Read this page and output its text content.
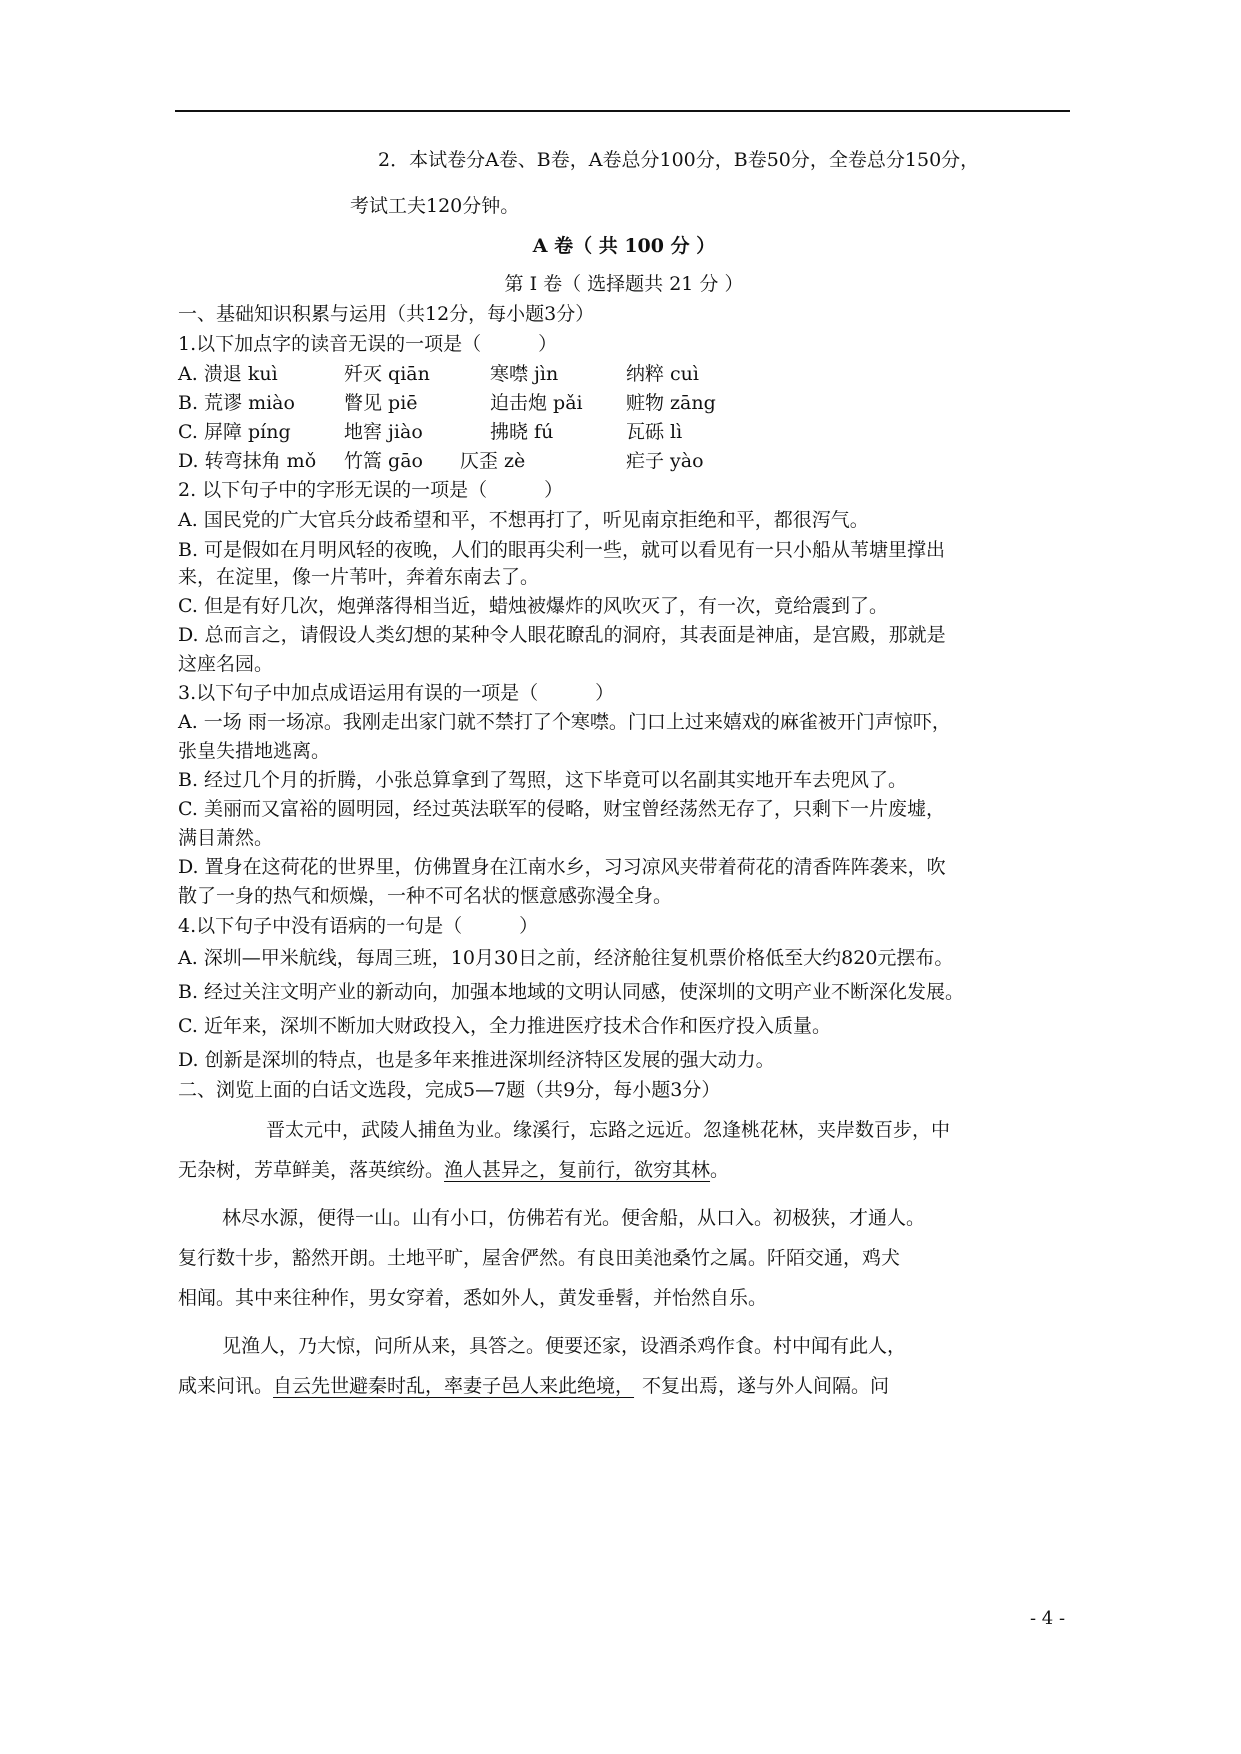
2．本试卷分A卷、B卷，A卷总分100分，B卷50分，全卷总分150分，
考试工夫120分钟。
A 卷（ 共 100 分 ）
第 I 卷（ 选择题共 21 分 ）
一、基础知识积累与运用（共12分，每小题3分）
1.以下加点字的读音无误的一项是（　　　）
A. 溃退 kuì	歼灭 qiān	寒噤 jìn	纳粹 cuì
B. 荒谬 miào	瞥见 piē	迫击炮 pǎi 赃物 zāng
C. 屏障 píng	地窖 jiào	拂晓 fú	瓦砾 lì
D. 转弯抹角 mǒ 竹篙 gāo 仄歪 zè	疟子 yào
2. 以下句子中的字形无误的一项是（　　　）
A. 国民党的广大官兵分歧希望和平，不想再打了，听见南京拒绝和平，都很泻气。
B. 可是假如在月明风轻的夜晚，人们的眼再尖利一些，就可以看见有一只小船从苇塘里撑出
来，在淀里，像一片苇叶，奔着东南去了。
C. 但是有好几次，炮弹落得相当近，蜡烛被爆炸的风吹灭了，有一次，竟给震到了。
D. 总而言之，请假设人类幻想的某种令人眼花瞭乱的洞府，其表面是神庙，是宫殿，那就是
这座名园。
3.以下句子中加点成语运用有误的一项是（　　　）
A. 一场 雨一场凉。我刚走出家门就不禁打了个寒噤。门口上过来嬉戏的麻雀被开门声惊吓，
张皇失措地逃离。
B. 经过几个月的折腾，小张总算拿到了驾照，这下毕竟可以名副其实地开车去兜风了。
C. 美丽而又富裕的圆明园，经过英法联军的侵略，财宝曾经荡然无存了，只剩下一片废墟，
满目萧然。
D. 置身在这荷花的世界里，仿佛置身在江南水乡，习习凉风夹带着荷花的清香阵阵袭来，吹
散了一身的热气和烦燥，一种不可名状的惬意感弥漫全身。
4.以下句子中没有语病的一句是（　　　）
A. 深圳—甲米航线，每周三班，10月30日之前，经济舱往复机票价格低至大约820元摆布。
B. 经过关注文明产业的新动向，加强本地域的文明认同感，使深圳的文明产业不断深化发展。
C. 近年来，深圳不断加大财政投入，全力推进医疗技术合作和医疗投入质量。
D. 创新是深圳的特点，也是多年来推进深圳经济特区发展的强大动力。
二、浏览上面的白话文选段，完成5—7题（共9分，每小题3分）
晋太元中，武陵人捕鱼为业。缘溪行，忘路之远近。忽逢桃花林，夹岸数百步，中
无杂树，芳草鲜美，落英缤纷。渔人甚异之，复前行，欲穷其林。
林尽水源，便得一山。山有小口，仿佛若有光。便舍船，从口入。初极狭，才通人。
复行数十步，豁然开朗。土地平旷，屋舍俨然。有良田美池桑竹之属。阡陌交通，鸡犬
相闻。其中来往种作，男女穿着，悉如外人，黄发垂髫，并怡然自乐。
见渔人，乃大惊，问所从来，具答之。便要还家，设酒杀鸡作食。村中闻有此人，
咸来问讯。自云先世避秦时乱，率妻子邑人来此绝境， 不复出焉，遂与外人间隔。问
- 4 -
